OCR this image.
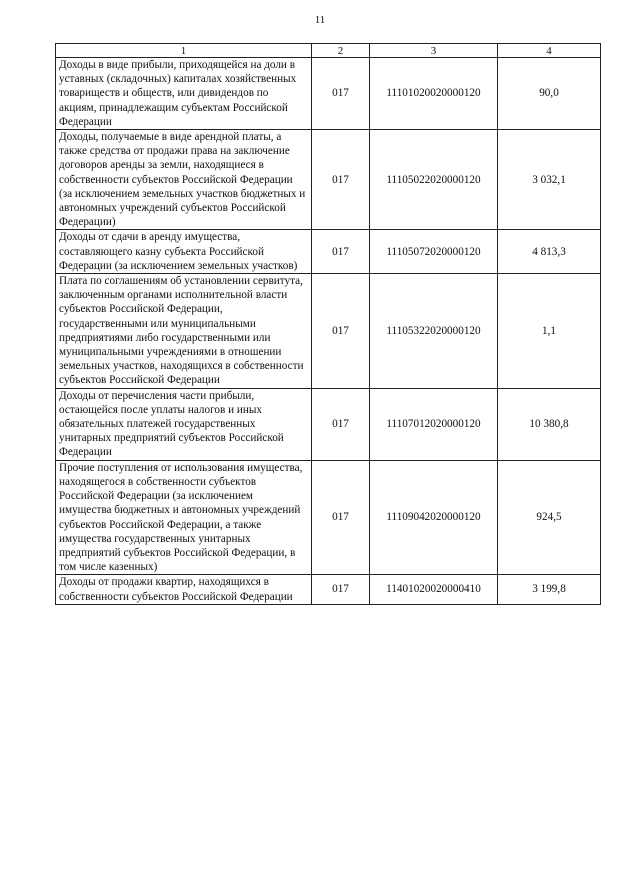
11
1	2	3	4
Доходы в виде прибыли, приходящейся на доли в уставных (складочных) капиталах хозяйственных товариществ и обществ, или дивидендов по акциям, принадлежащим субъектам Российской Федерации	017	11101020020000120	90,0
Доходы, получаемые в виде арендной платы, а также средства от продажи права на заключение договоров аренды за земли, находящиеся в собственности субъектов Российской Федерации (за исключением земельных участков бюджетных и автономных учреждений субъектов Российской Федерации)	017	11105022020000120	3 032,1
Доходы от сдачи в аренду имущества, составляющего казну субъекта Российской Федерации (за исключением земельных участков)	017	11105072020000120	4 813,3
Плата по соглашениям об установлении сервитута, заключенным органами исполнительной власти субъектов Российской Федерации, государственными или муниципальными предприятиями либо государственными или муниципальными учреждениями в отношении земельных участков, находящихся в собственности субъектов Российской Федерации	017	11105322020000120	1,1
Доходы от перечисления части прибыли, остающейся после уплаты налогов и иных обязательных платежей государственных унитарных предприятий субъектов Российской Федерации	017	11107012020000120	10 380,8
Прочие поступления от использования имущества, находящегося в собственности субъектов Российской Федерации (за исключением имущества бюджетных и автономных учреждений субъектов Российской Федерации, а также имущества государственных унитарных предприятий субъектов Российской Федерации, в том числе казенных)	017	11109042020000120	924,5
Доходы от продажи квартир, находящихся в собственности субъектов Российской Федерации	017	11401020020000410	3 199,8
